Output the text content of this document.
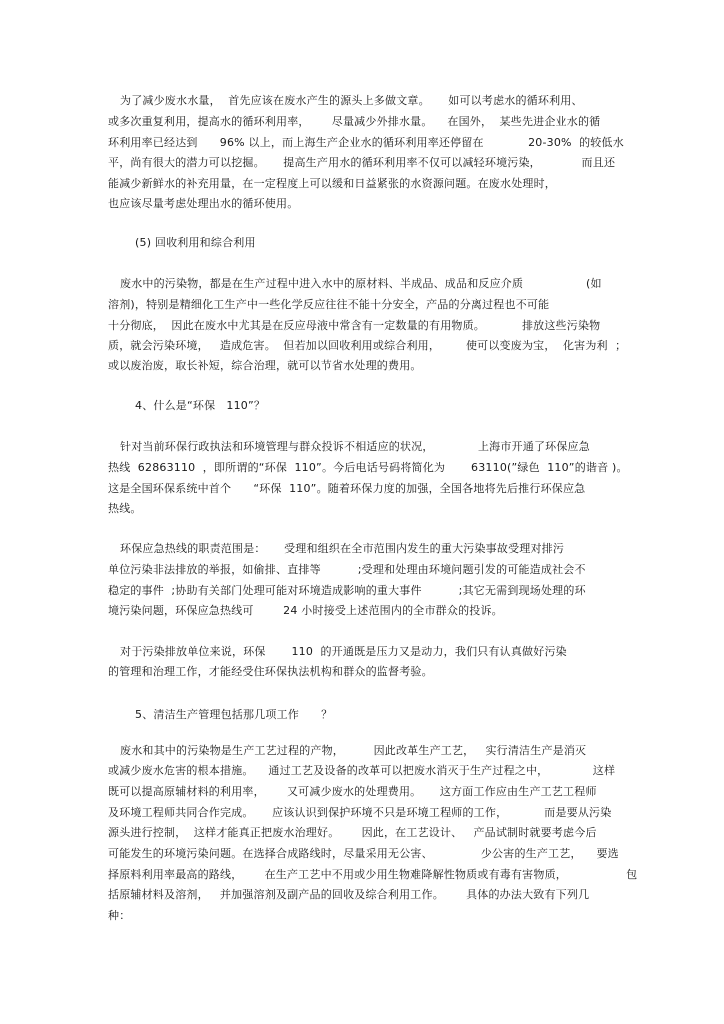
为了减少废水水量，  首先应该在废水产生的源头上多做文章。     如可以考虑水的循环利用、
或多次重复利用，提高水的循环利用率，      尽量减少外排水量。    在国外，  某些先进企业水的循
环利用率已经达到      96% 以上，而上海生产企业水的循环利用率还停留在            20-30%  的较低水
平，尚有很大的潜力可以挖掘。     提高生产用水的循环利用率不仅可以减轻环境污染，           而且还
能减少新鲜水的补充用量，在一定程度上可以缓和日益紧张的水资源问题。在废水处理时，
也应该尽量考虑处理出水的循环使用。
(5) 回收利用和综合利用
废水中的污染物，都是在生产过程中进入水中的原材料、半成品、成品和反应介质                 (如
溶剂)，特别是精细化工生产中一些化学反应往往不能十分安全，产品的分离过程也不可能
十分彻底，  因此在废水中尤其是在反应母液中常含有一定数量的有用物质。          排放这些污染物
质，就会污染环境，   造成危害。  但若加以回收利用或综合利用，       使可以变废为宝，  化害为利  ；
或以废治废，取长补短，综合治理，就可以节省水处理的费用。
4、什么是“环保   110”？
针对当前环保行政执法和环境管理与群众投诉不相适应的状况，            上海市开通了环保应急
热线  62863110  ，即所谓的“环保  110”。今后电话号码将简化为       63110(”绿色  110”的谐音 )。
这是全国环保系统中首个      “环保  110”。随着环保力度的加强，全国各地将先后推行环保应急
热线。
环保应急热线的职责范围是：     受理和组织在全市范围内发生的重大污染事故受理对排污
单位污染非法排放的举报，如偷排、直排等          ;受理和处理由环境问题引发的可能造成社会不
稳定的事件  ;协助有关部门处理可能对环境造成影响的重大事件          ;其它无需到现场处理的环
境污染问题，环保应急热线可        24 小时接受上述范围内的全市群众的投诉。
对于污染排放单位来说，环保       110  的开通既是压力又是动力，我们只有认真做好污染
的管理和治理工作，才能经受住环保执法机构和群众的监督考验。
5、清洁生产管理包括那几项工作      ？
废水和其中的污染物是生产工艺过程的产物，        因此改革生产工艺，   实行清洁生产是消灭
或减少废水危害的根本措施。    通过工艺及设备的改革可以把废水消灭于生产过程之中，            这样
既可以提高原辅材料的利用率，      又可减少废水的处理费用。     这方面工作应由生产工艺工程师
及环境工程师共同合作完成。     应该认识到保护环境不只是环境工程师的工作，          而是要从污染
源头进行控制，  这样才能真正把废水治理好。      因此，在工艺设计、   产品试制时就要考虑今后
可能发生的环境污染问题。在选择合成路线时，尽量采用无公害、             少公害的生产工艺，    要选
择原料利用率最高的路线，      在生产工艺中不用或少用生物难降解性物质或有毒有害物质，                包
括原辅材料及溶剂，   并加强溶剂及副产品的回收及综合利用工作。      具体的办法大致有下列几
种：
